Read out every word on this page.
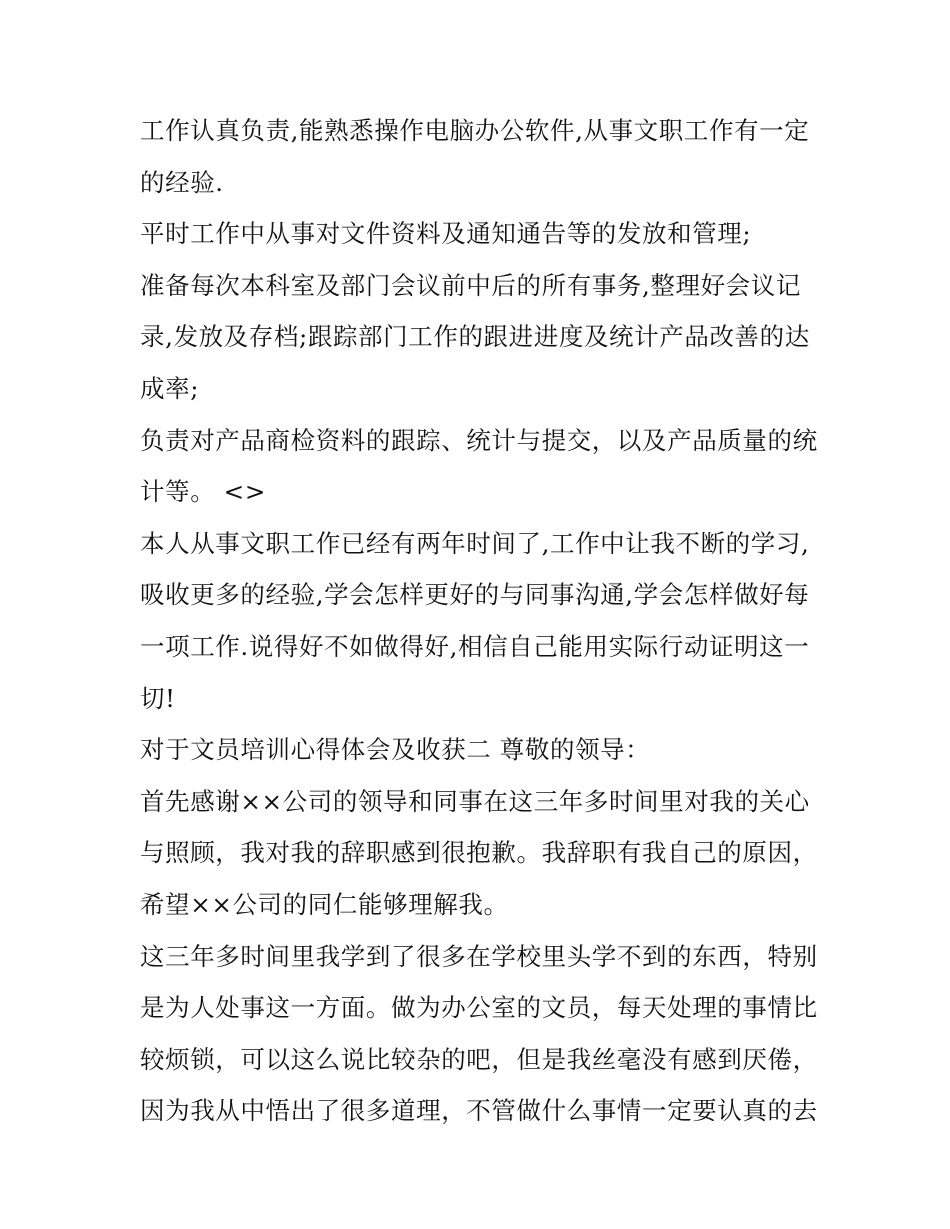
工作认真负责,能熟悉操作电脑办公软件,从事文职工作有一定
的经验.
平时工作中从事对文件资料及通知通告等的发放和管理;
准备每次本科室及部门会议前中后的所有事务,整理好会议记
录,发放及存档;跟踪部门工作的跟进进度及统计产品改善的达
成率;
负责对产品商检资料的跟踪、统计与提交，以及产品质量的统
计等。 <>
本人从事文职工作已经有两年时间了,工作中让我不断的学习,
吸收更多的经验,学会怎样更好的与同事沟通,学会怎样做好每
一项工作.说得好不如做得好,相信自己能用实际行动证明这一
切!
对于文员培训心得体会及收获二 尊敬的领导：
首先感谢××公司的领导和同事在这三年多时间里对我的关心
与照顾，我对我的辞职感到很抱歉。我辞职有我自己的原因，
希望××公司的同仁能够理解我。
这三年多时间里我学到了很多在学校里头学不到的东西，特别
是为人处事这一方面。做为办公室的文员，每天处理的事情比
较烦锁，可以这么说比较杂的吧，但是我丝毫没有感到厌倦，
因为我从中悟出了很多道理，不管做什么事情一定要认真的去
